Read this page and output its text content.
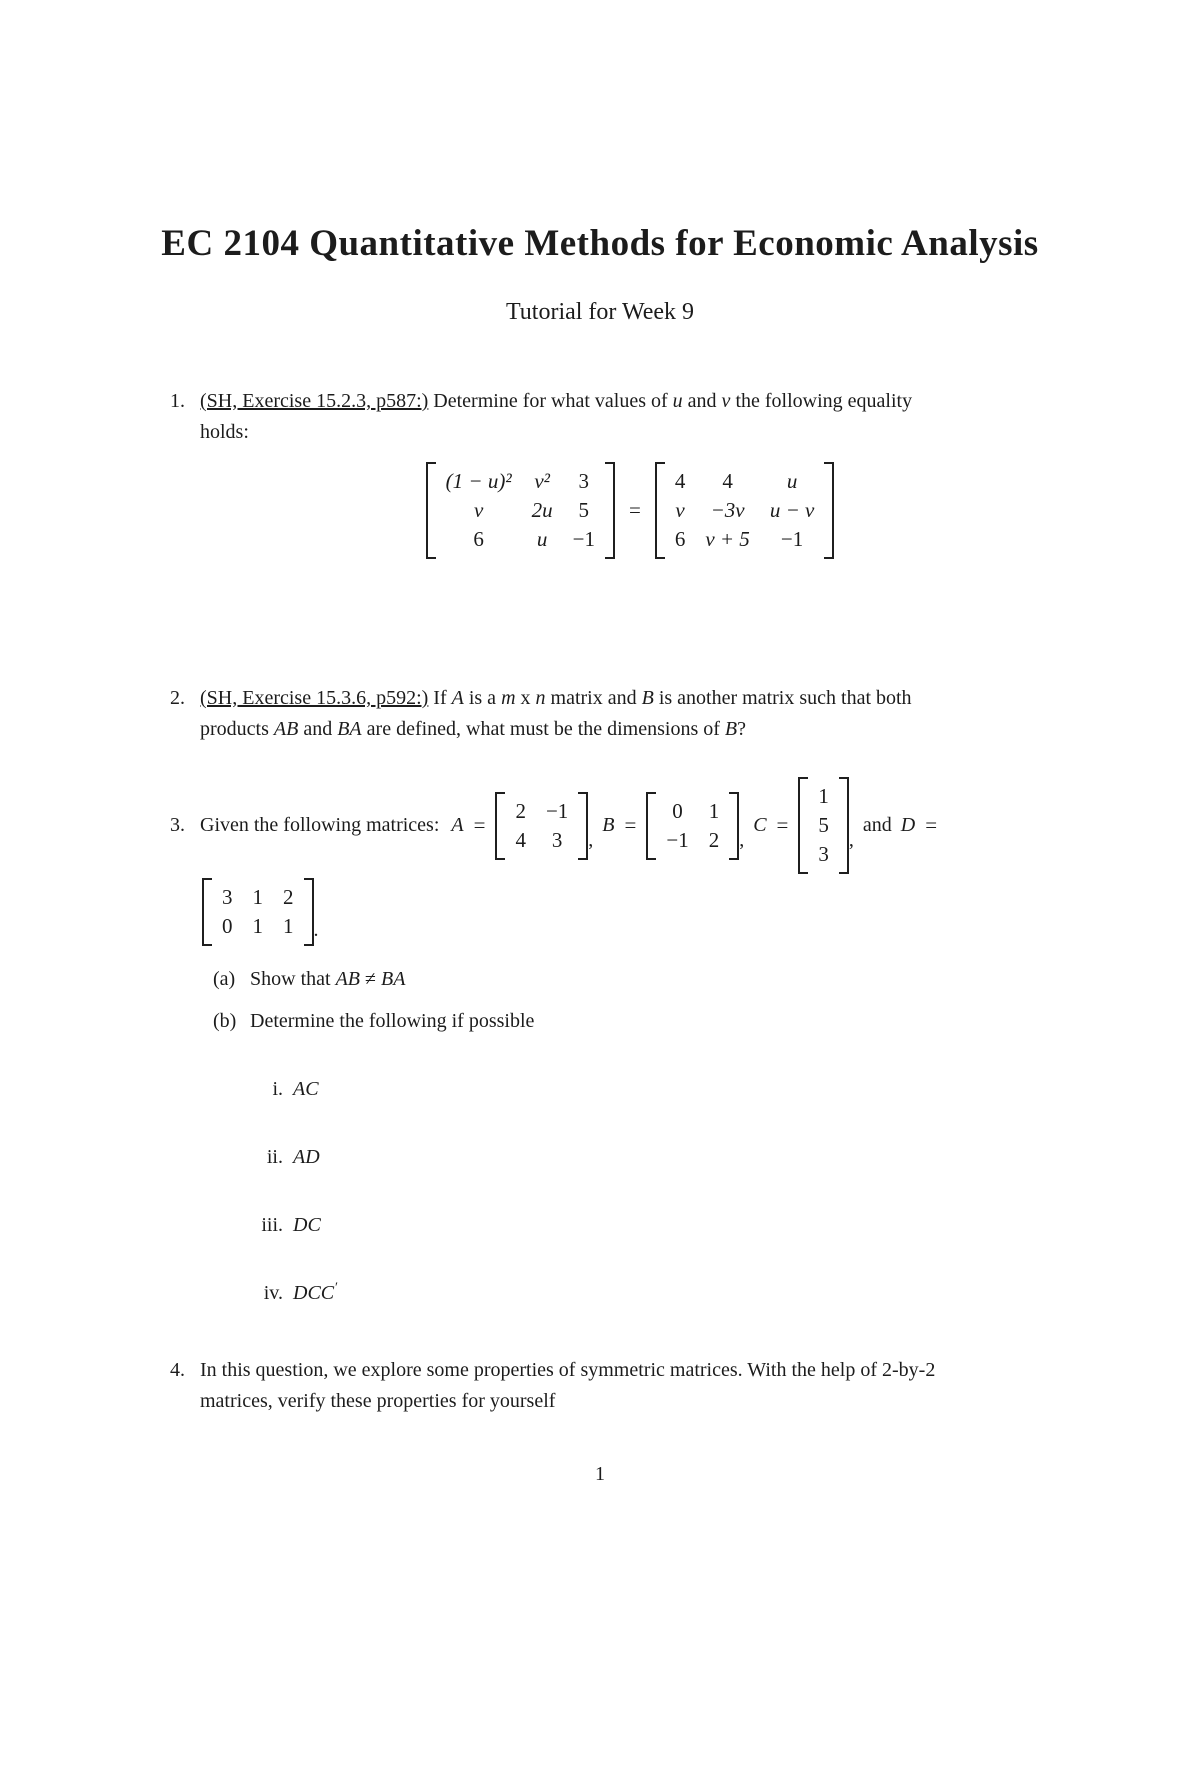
EC 2104 Quantitative Methods for Economic Analysis
Tutorial for Week 9
1. (SH, Exercise 15.2.3, p587:) Determine for what values of u and v the following equality
holds:
(1 − u)² v² 3
v 2u 5
6	u −1
=
4 4	u
v −3v u − v
6 v + 5 −1
2. (SH, Exercise 15.3.6, p592:) If A is a m x n matrix and B is another matrix such that both
products AB and BA are defined, what must be the dimensions of B?
3. Given the following matrices: A =
2 −1
4 3 ,
B =
0 1
−1 2 ,
C =
1
5
3
,
and D =
3 1 2
0 1 1 .
(a) Show that AB ≠ BA
(b) Determine the following if possible
i. AC
ii. AD
iii. DC
iv. DCC′
4. In this question, we explore some properties of symmetric matrices. With the help of 2-by-2
matrices, verify these properties for yourself
1
